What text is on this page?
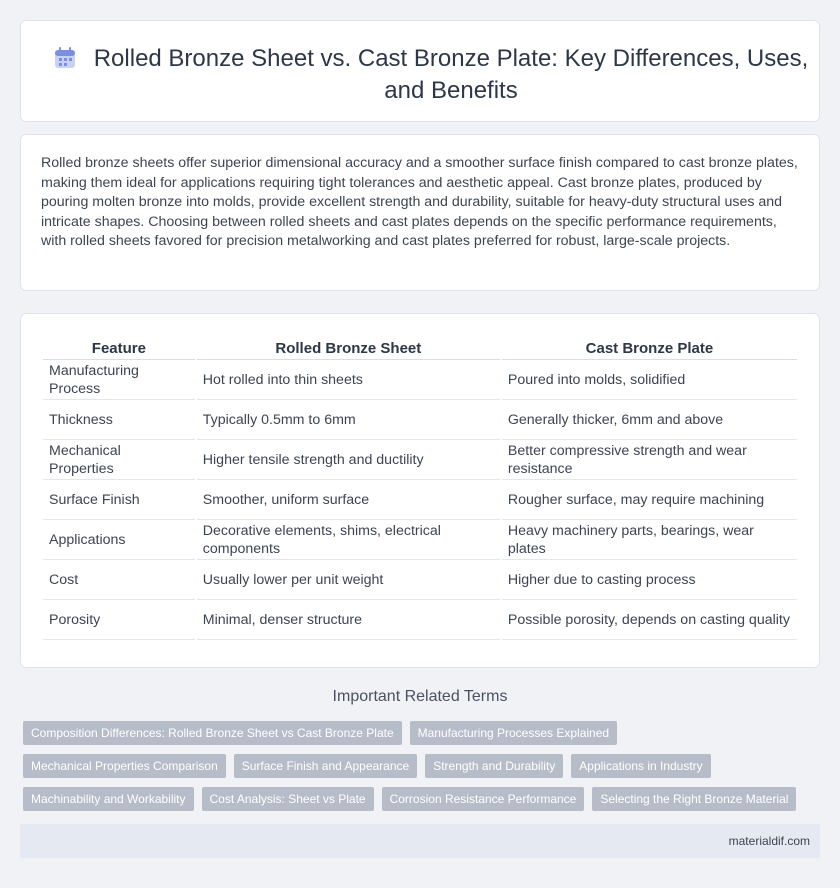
Rolled Bronze Sheet vs. Cast Bronze Plate: Key Differences, Uses, and Benefits

Rolled bronze sheets offer superior dimensional accuracy and a smoother surface finish compared to cast bronze plates, making them ideal for applications requiring tight tolerances and aesthetic appeal. Cast bronze plates, produced by pouring molten bronze into molds, provide excellent strength and durability, suitable for heavy-duty structural uses and intricate shapes. Choosing between rolled sheets and cast plates depends on the specific performance requirements, with rolled sheets favored for precision metalworking and cast plates preferred for robust, large-scale projects.

Feature	Rolled Bronze Sheet	Cast Bronze Plate
Manufacturing Process	Hot rolled into thin sheets	Poured into molds, solidified
Thickness	Typically 0.5mm to 6mm	Generally thicker, 6mm and above
Mechanical Properties	Higher tensile strength and ductility	Better compressive strength and wear resistance
Surface Finish	Smoother, uniform surface	Rougher surface, may require machining
Applications	Decorative elements, shims, electrical components	Heavy machinery parts, bearings, wear plates
Cost	Usually lower per unit weight	Higher due to casting process
Porosity	Minimal, denser structure	Possible porosity, depends on casting quality
Important Related Terms
Composition Differences: Rolled Bronze Sheet vs Cast Bronze Plate	Manufacturing Processes Explained
Mechanical Properties Comparison	Surface Finish and Appearance	Strength and Durability	Applications in Industry
Machinability and Workability	Cost Analysis: Sheet vs Plate	Corrosion Resistance Performance	Selecting the Right Bronze Material
materialdif.com
